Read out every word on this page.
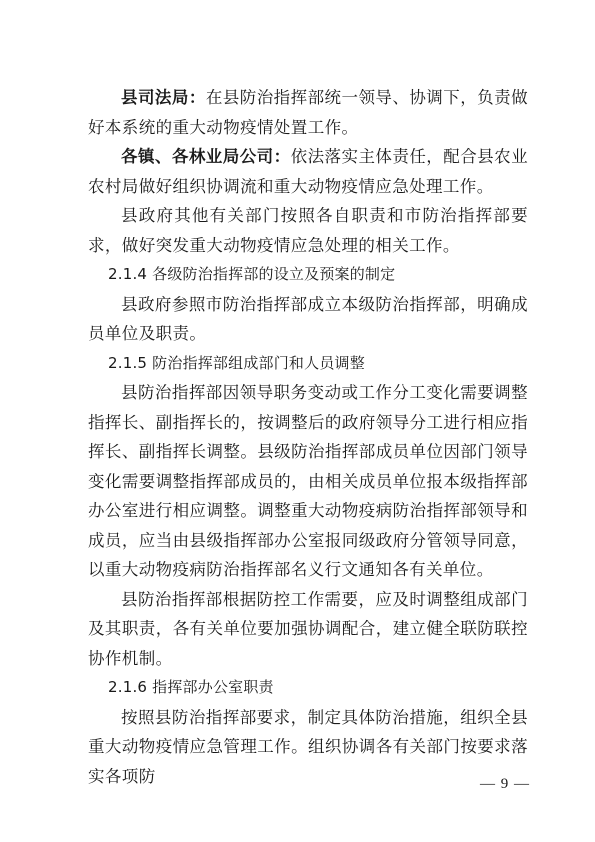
县司法局：在县防治指挥部统一领导、协调下，负责做好本系统的重大动物疫情处置工作。

各镇、各林业局公司：依法落实主体责任，配合县农业农村局做好组织协调流和重大动物疫情应急处理工作。

县政府其他有关部门按照各自职责和市防治指挥部要求，做好突发重大动物疫情应急处理的相关工作。

2.1.4 各级防治指挥部的设立及预案的制定

县政府参照市防治指挥部成立本级防治指挥部，明确成员单位及职责。

2.1.5 防治指挥部组成部门和人员调整

县防治指挥部因领导职务变动或工作分工变化需要调整指挥长、副指挥长的，按调整后的政府领导分工进行相应指挥长、副指挥长调整。县级防治指挥部成员单位因部门领导变化需要调整指挥部成员的，由相关成员单位报本级指挥部办公室进行相应调整。调整重大动物疫病防治指挥部领导和成员，应当由县级指挥部办公室报同级政府分管领导同意，以重大动物疫病防治指挥部名义行文通知各有关单位。

县防治指挥部根据防控工作需要，应及时调整组成部门及其职责，各有关单位要加强协调配合，建立健全联防联控协作机制。

2.1.6 指挥部办公室职责

按照县防治指挥部要求，制定具体防治措施，组织全县重大动物疫情应急管理工作。组织协调各有关部门按要求落实各项防	— 9 —
